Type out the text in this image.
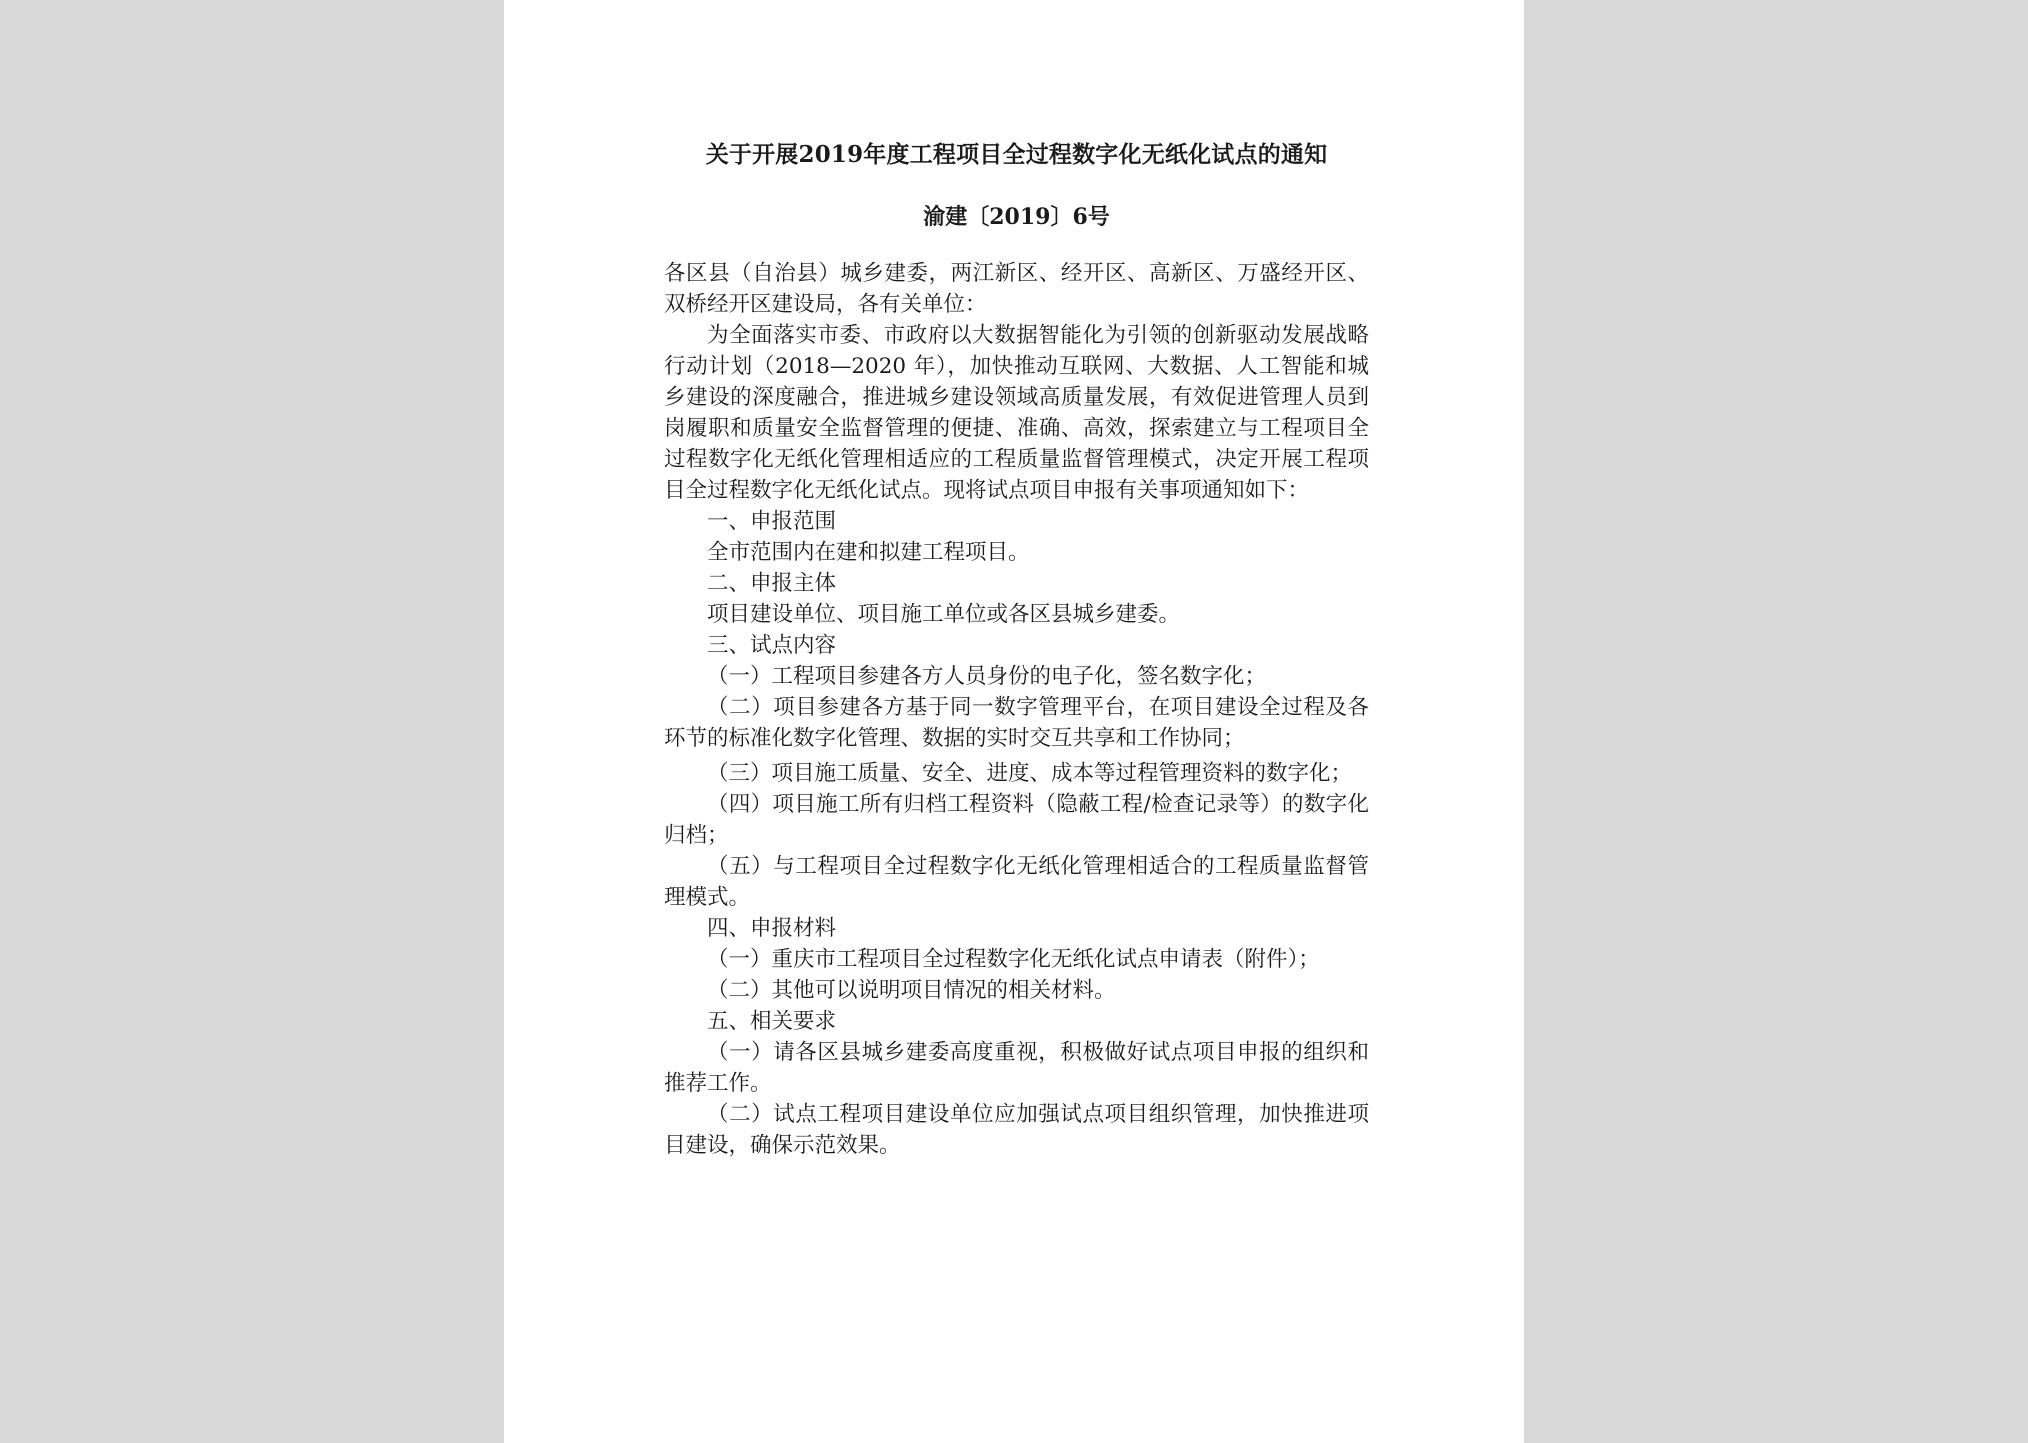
关于开展2019年度工程项目全过程数字化无纸化试点的通知
渝建〔2019〕6号

各区县（自治县）城乡建委，两江新区、经开区、高新区、万盛经开区、双桥经开区建设局，各有关单位：

为全面落实市委、市政府以大数据智能化为引领的创新驱动发展战略行动计划（2018—2020 年），加快推动互联网、大数据、人工智能和城乡建设的深度融合，推进城乡建设领域高质量发展，有效促进管理人员到岗履职和质量安全监督管理的便捷、准确、高效，探索建立与工程项目全过程数字化无纸化管理相适应的工程质量监督管理模式，决定开展工程项目全过程数字化无纸化试点。现将试点项目申报有关事项通知如下：

一、申报范围

全市范围内在建和拟建工程项目。

二、申报主体

项目建设单位、项目施工单位或各区县城乡建委。

三、试点内容

（一）工程项目参建各方人员身份的电子化，签名数字化；

（二）项目参建各方基于同一数字管理平台，在项目建设全过程及各环节的标准化数字化管理、数据的实时交互共享和工作协同；

（三）项目施工质量、安全、进度、成本等过程管理资料的数字化；

（四）项目施工所有归档工程资料（隐蔽工程/检查记录等）的数字化归档；

（五）与工程项目全过程数字化无纸化管理相适合的工程质量监督管理模式。

四、申报材料

（一）重庆市工程项目全过程数字化无纸化试点申请表（附件）；

（二）其他可以说明项目情况的相关材料。

五、相关要求

（一）请各区县城乡建委高度重视，积极做好试点项目申报的组织和推荐工作。

（二）试点工程项目建设单位应加强试点项目组织管理，加快推进项目建设，确保示范效果。
